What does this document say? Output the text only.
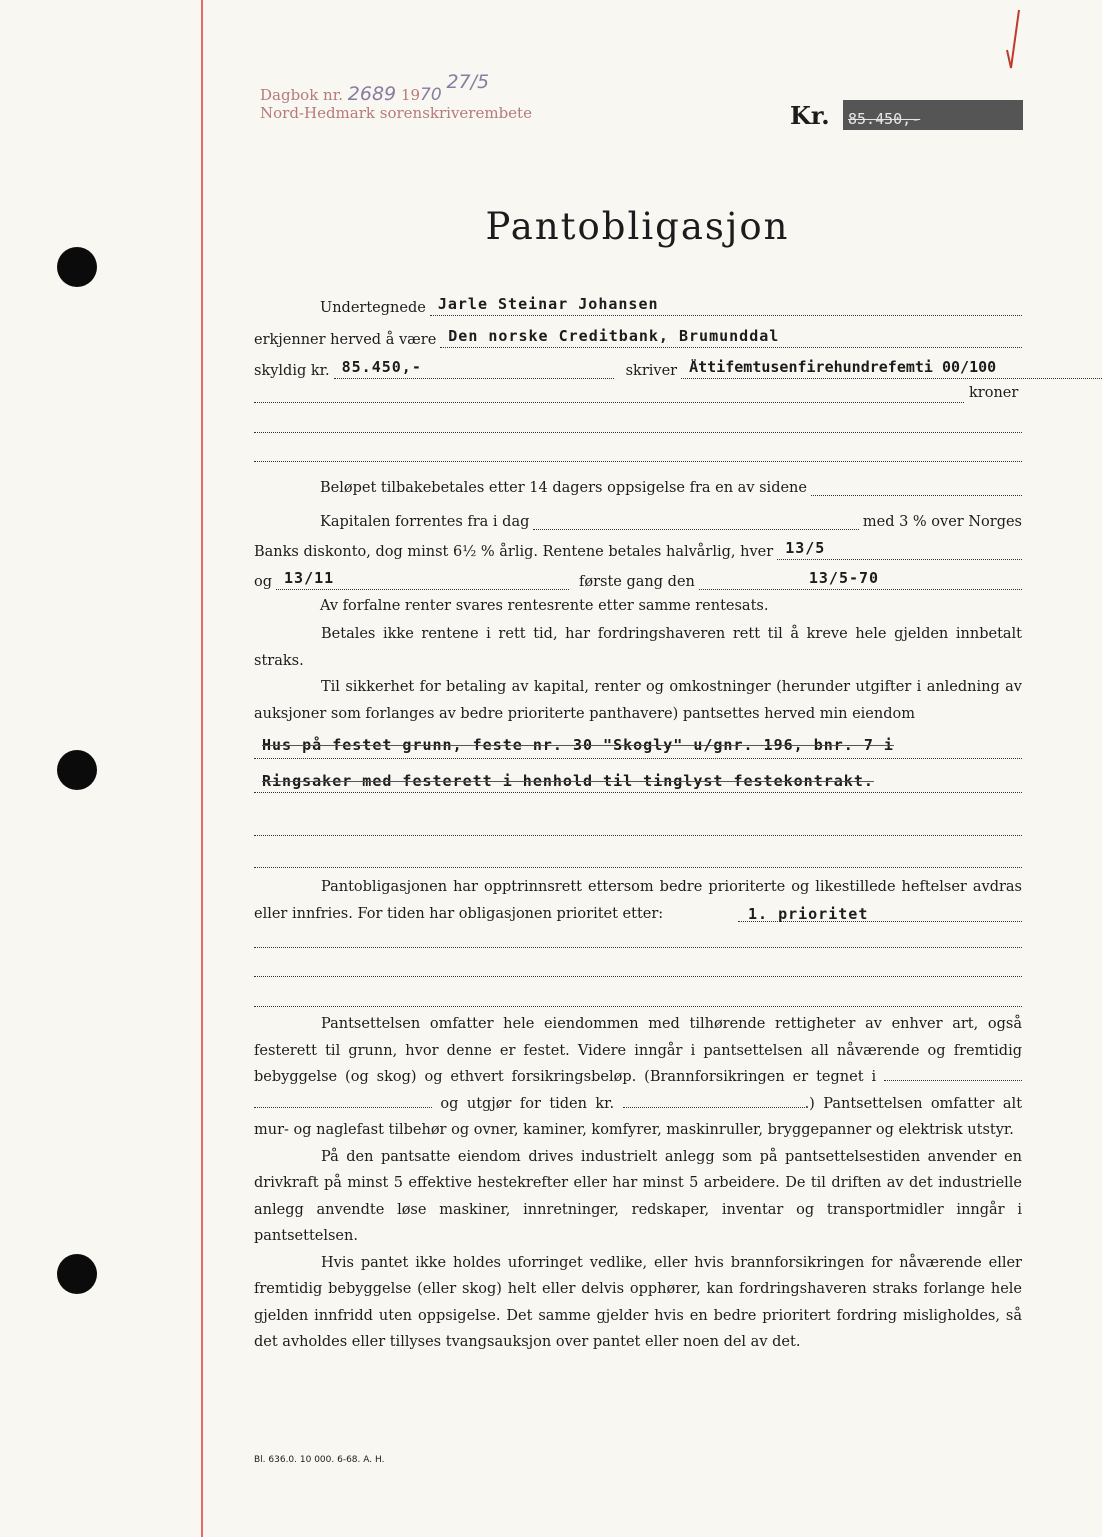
Dagbok nr. 2689 1970 27/5
Nord-Hedmark sorenskriverembete	Kr.	85.450,-
Pantobligasjon
Undertegnede Jarle Steinar Johansen
erkjenner herved å være Den norske Creditbank, Brumunddal
skyldig kr. 85.450,-	skriver Åttifemtusenfirehundrefemti 00/100
kroner
Beløpet tilbakebetales etter 14 dagers oppsigelse fra en av sidene
Kapitalen forrentes fra i dag	med 3 % over Norges
Banks diskonto, dog minst 6½ % årlig. Rentene betales halvårlig, hver 13/5
og 13/11	første gang den	13/5-70
Av forfalne renter svares rentesrente etter samme rentesats.

Betales ikke rentene i rett tid, har fordringshaveren rett til å kreve hele gjelden innbetalt straks.

Til sikkerhet for betaling av kapital, renter og omkostninger (herunder utgifter i anledning av auksjoner som forlanges av bedre prioriterte panthavere) pantsettes herved min eiendom

Hus på festet grunn, feste nr. 30 "Skogly" u/gnr. 196, bnr. 7 i
Ringsaker med festerett i henhold til tinglyst festekontrakt.

Pantobligasjonen har opptrinnsrett ettersom bedre prioriterte og likestillede heftelser avdras eller innfries. For tiden har obligasjonen prioritet etter:	1. prioritet

Pantsettelsen omfatter hele eiendommen med tilhørende rettigheter av enhver art, også festerett til grunn, hvor denne er festet. Videre inngår i pantsettelsen all nåværende og fremtidig bebyggelse (og skog) og ethvert forsikringsbeløp. (Brannforsikringen er tegnet i   og utgjør for tiden kr.	.) Pantsettelsen omfatter alt mur- og naglefast tilbehør og ovner, kaminer, komfyrer, maskinruller, bryggepanner og elektrisk utstyr.

På den pantsatte eiendom drives industrielt anlegg som på pantsettelsestiden anvender en drivkraft på minst 5 effektive hestekrefter eller har minst 5 arbeidere. De til driften av det industrielle anlegg anvendte løse maskiner, innretninger, redskaper, inventar og transportmidler inngår i pantsettelsen.

Hvis pantet ikke holdes uforringet vedlike, eller hvis brannforsikringen for nåværende eller fremtidig bebyggelse (eller skog) helt eller delvis opphører, kan fordringshaveren straks forlange hele gjelden innfridd uten oppsigelse. Det samme gjelder hvis en bedre prioritert fordring misligholdes, så det avholdes eller tillyses tvangsauksjon over pantet eller noen del av det.

Bl. 636.0. 10 000. 6-68. A. H.
